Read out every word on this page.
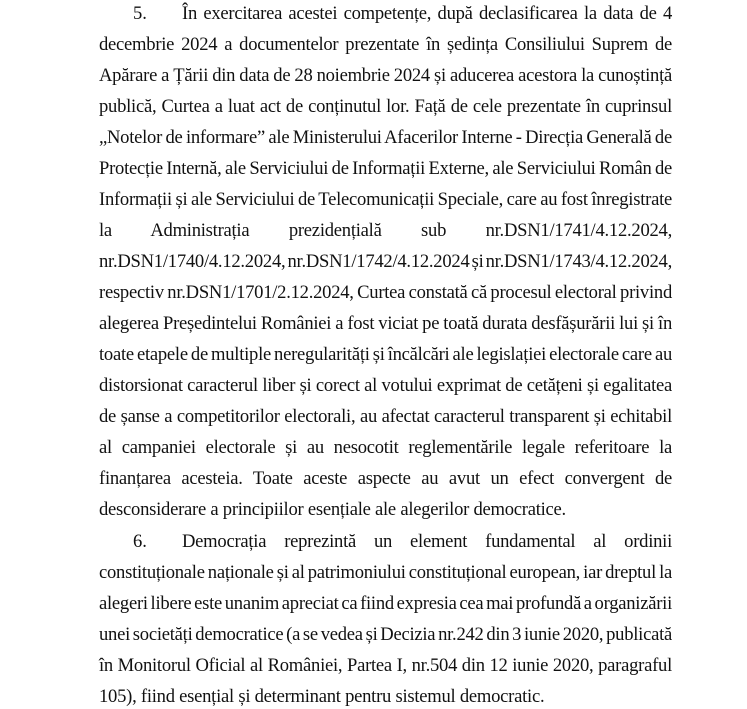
5. În exercitarea acestei competențe, după declasificarea la data de 4
decembrie 2024 a documentelor prezentate în ședința Consiliului Suprem de
Apărare a Țării din data de 28 noiembrie 2024 și aducerea acestora la cunoștință
publică, Curtea a luat act de conținutul lor. Față de cele prezentate în cuprinsul
„Notelor de informare” ale Ministerului Afacerilor Interne - Direcția Generală de
Protecție Internă, ale Serviciului de Informații Externe, ale Serviciului Român de
Informații și ale Serviciului de Telecomunicații Speciale, care au fost înregistrate
la Administrația prezidențială sub nr.DSN1/1741/4.12.2024,
nr.DSN1/1740/4.12.2024, nr.DSN1/1742/4.12.2024 și nr.DSN1/1743/4.12.2024,
respectiv nr.DSN1/1701/2.12.2024, Curtea constată că procesul electoral privind
alegerea Președintelui României a fost viciat pe toată durata desfășurării lui și în
toate etapele de multiple neregularități și încălcări ale legislației electorale care au
distorsionat caracterul liber și corect al votului exprimat de cetățeni și egalitatea
de șanse a competitorilor electorali, au afectat caracterul transparent și echitabil
al campaniei electorale și au nesocotit reglementările legale referitoare la
finanțarea acesteia. Toate aceste aspecte au avut un efect convergent de
desconsiderare a principiilor esențiale ale alegerilor democratice.
6. Democrația reprezintă un element fundamental al ordinii
constituționale naționale și al patrimoniului constituțional european, iar dreptul la
alegeri libere este unanim apreciat ca fiind expresia cea mai profundă a organizării
unei societăți democratice (a se vedea și Decizia nr.242 din 3 iunie 2020, publicată
în Monitorul Oficial al României, Partea I, nr.504 din 12 iunie 2020, paragraful
105), fiind esențial și determinant pentru sistemul democratic.
